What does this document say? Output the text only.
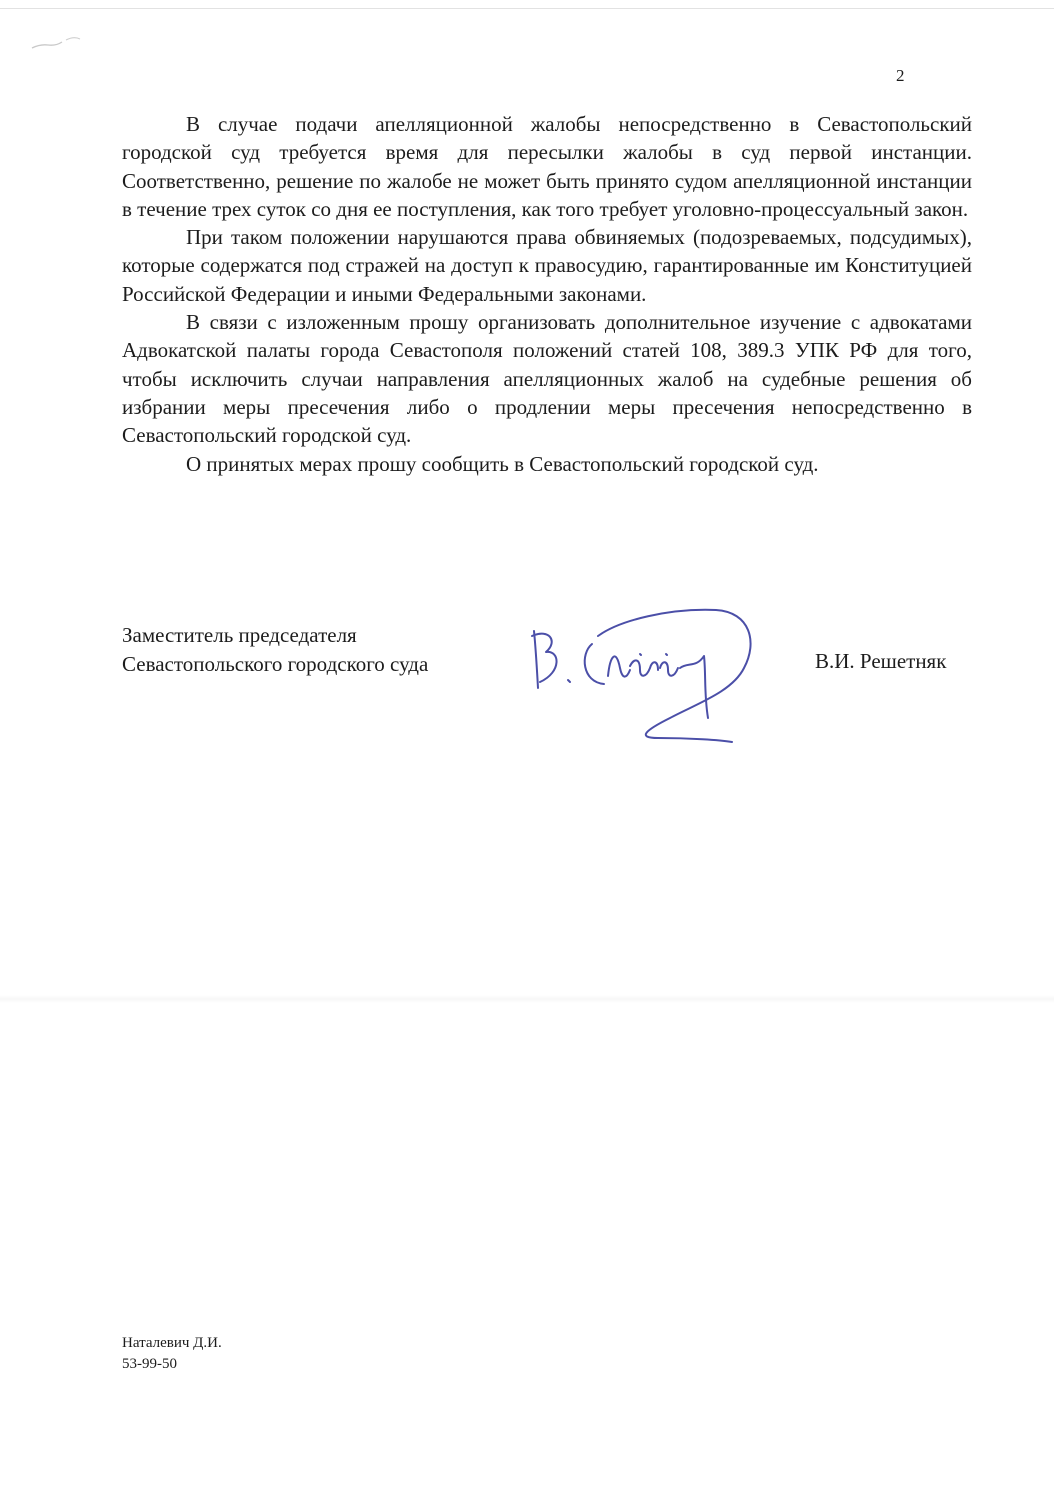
2

В случае подачи апелляционной жалобы непосредственно в Севастопольский городской суд требуется время для пересылки жалобы в суд первой инстанции. Соответственно, решение по жалобе не может быть принято судом апелляционной инстанции в течение трех суток со дня ее поступления, как того требует уголовно-процессуальный закон.

При таком положении нарушаются права обвиняемых (подозреваемых, подсудимых), которые содержатся под стражей на доступ к правосудию, гарантированные им Конституцией Российской Федерации и иными Федеральными законами.

В связи с изложенным прошу организовать дополнительное изучение с адвокатами Адвокатской палаты города Севастополя положений статей 108, 389.3 УПК РФ для того, чтобы исключить случаи направления апелляционных жалоб на судебные решения об избрании меры пресечения либо о продлении меры пресечения непосредственно в Севастопольский городской суд.

О принятых мерах прошу сообщить в Севастопольский городской суд.

Заместитель председателя
Севастопольского городского суда	В.И. Решетняк
Наталевич Д.И.
53-99-50
